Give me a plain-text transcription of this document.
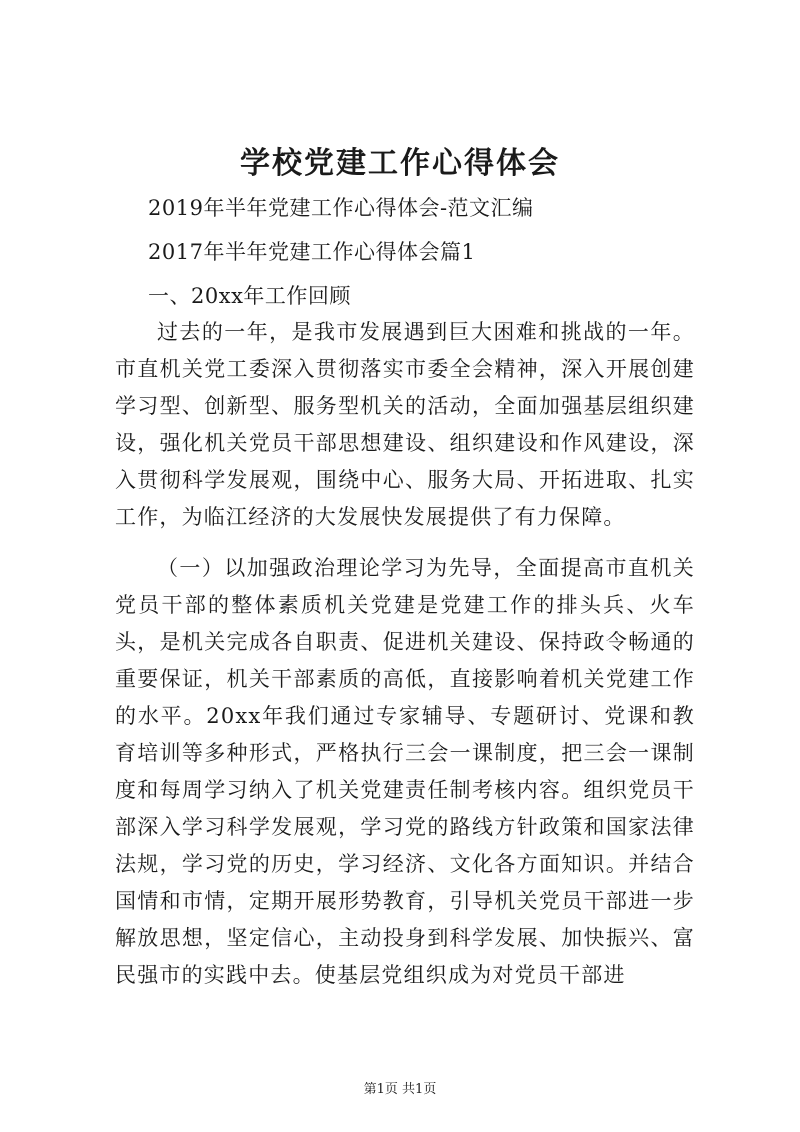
学校党建工作心得体会
2019年半年党建工作心得体会-范文汇编
2017年半年党建工作心得体会篇1
一、20xx年工作回顾

过去的一年，是我市发展遇到巨大困难和挑战的一年。市直机关党工委深入贯彻落实市委全会精神，深入开展创建学习型、创新型、服务型机关的活动，全面加强基层组织建设，强化机关党员干部思想建设、组织建设和作风建设，深入贯彻科学发展观，围绕中心、服务大局、开拓进取、扎实工作，为临江经济的大发展快发展提供了有力保障。

（一）以加强政治理论学习为先导，全面提高市直机关党员干部的整体素质机关党建是党建工作的排头兵、火车头，是机关完成各自职责、促进机关建设、保持政令畅通的重要保证，机关干部素质的高低，直接影响着机关党建工作的水平。20xx年我们通过专家辅导、专题研讨、党课和教育培训等多种形式，严格执行三会一课制度，把三会一课制度和每周学习纳入了机关党建责任制考核内容。组织党员干部深入学习科学发展观，学习党的路线方针政策和国家法律法规，学习党的历史，学习经济、文化各方面知识。并结合国情和市情，定期开展形势教育，引导机关党员干部进一步解放思想，坚定信心，主动投身到科学发展、加快振兴、富民强市的实践中去。使基层党组织成为对党员干部进

第1页 共1页
